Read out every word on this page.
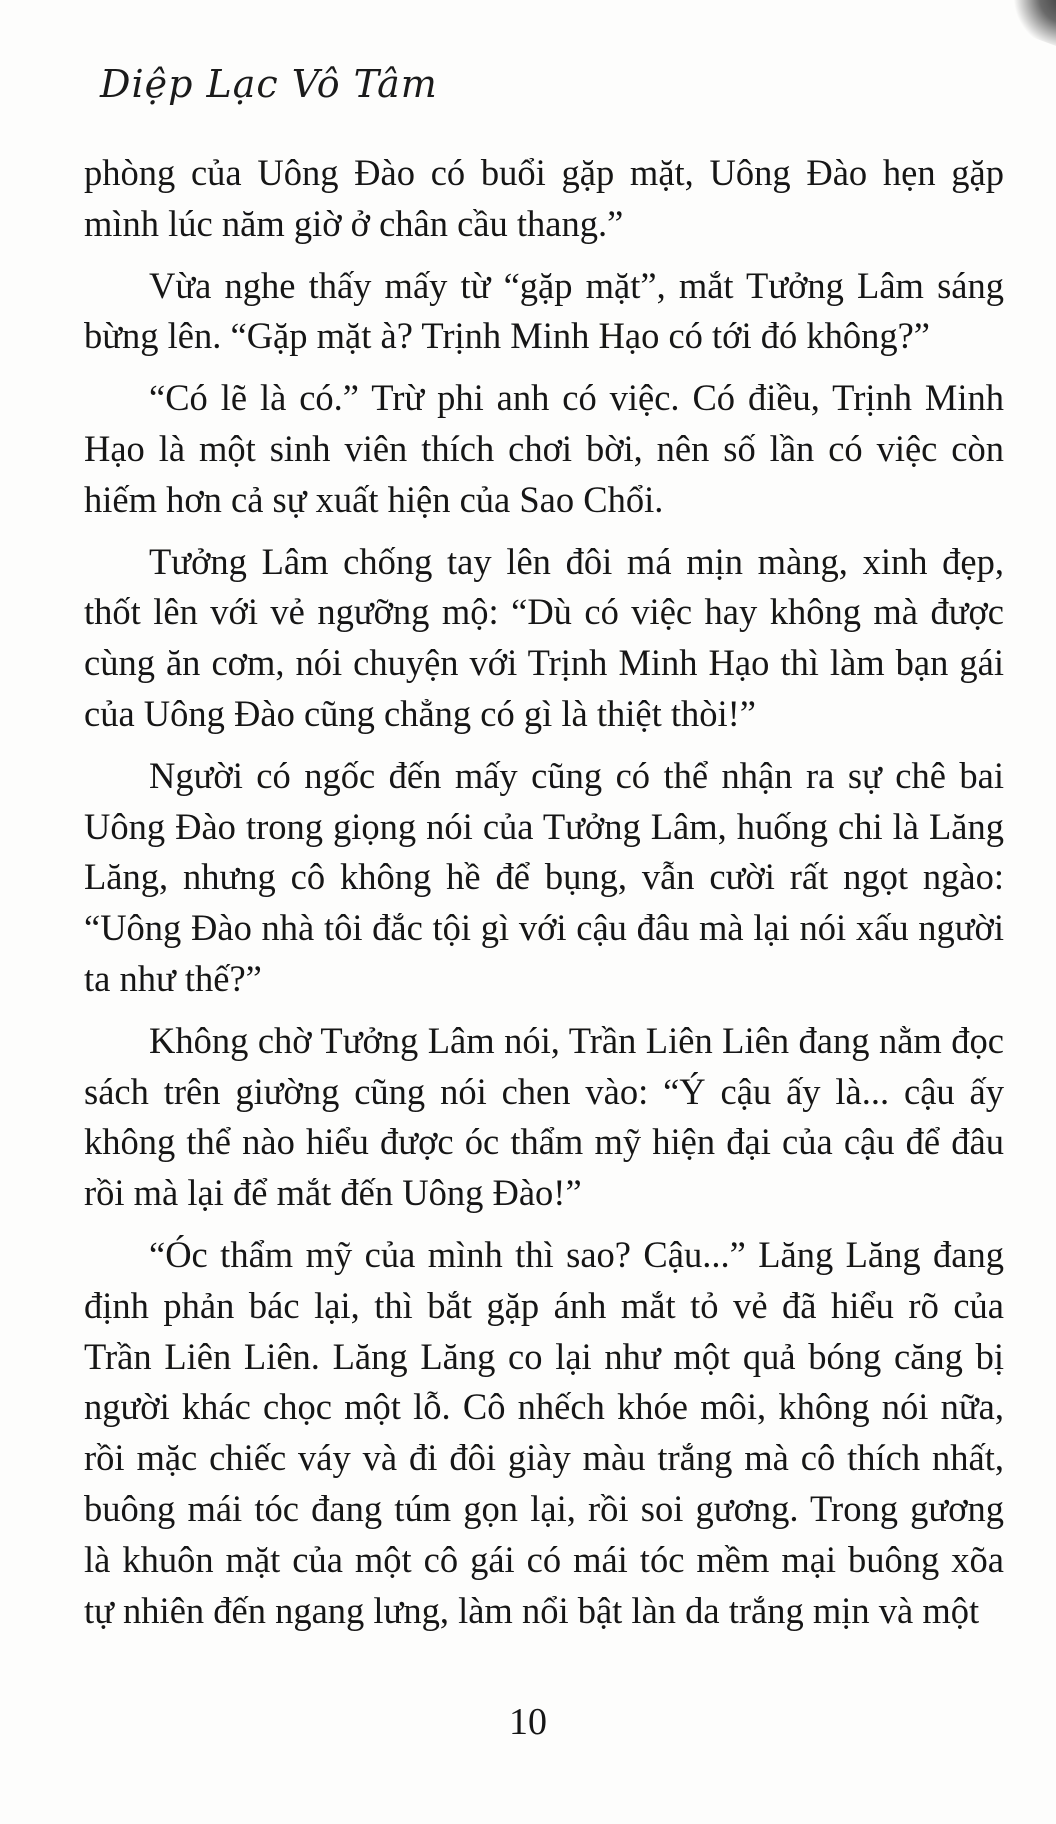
Diệp Lạc Vô Tâm

phòng của Uông Đào có buổi gặp mặt, Uông Đào hẹn gặp mình lúc năm giờ ở chân cầu thang.”

Vừa nghe thấy mấy từ “gặp mặt”, mắt Tưởng Lâm sáng bừng lên. “Gặp mặt à? Trịnh Minh Hạo có tới đó không?”

“Có lẽ là có.” Trừ phi anh có việc. Có điều, Trịnh Minh Hạo là một sinh viên thích chơi bời, nên số lần có việc còn hiếm hơn cả sự xuất hiện của Sao Chổi.

Tưởng Lâm chống tay lên đôi má mịn màng, xinh đẹp, thốt lên với vẻ ngưỡng mộ: “Dù có việc hay không mà được cùng ăn cơm, nói chuyện với Trịnh Minh Hạo thì làm bạn gái của Uông Đào cũng chẳng có gì là thiệt thòi!”

Người có ngốc đến mấy cũng có thể nhận ra sự chê bai Uông Đào trong giọng nói của Tưởng Lâm, huống chi là Lăng Lăng, nhưng cô không hề để bụng, vẫn cười rất ngọt ngào: “Uông Đào nhà tôi đắc tội gì với cậu đâu mà lại nói xấu người ta như thế?”

Không chờ Tưởng Lâm nói, Trần Liên Liên đang nằm đọc sách trên giường cũng nói chen vào: “Ý cậu ấy là... cậu ấy không thể nào hiểu được óc thẩm mỹ hiện đại của cậu để đâu rồi mà lại để mắt đến Uông Đào!”

“Óc thẩm mỹ của mình thì sao? Cậu...” Lăng Lăng đang định phản bác lại, thì bắt gặp ánh mắt tỏ vẻ đã hiểu rõ của Trần Liên Liên. Lăng Lăng co lại như một quả bóng căng bị người khác chọc một lỗ. Cô nhếch khóe môi, không nói nữa, rồi mặc chiếc váy và đi đôi giày màu trắng mà cô thích nhất, buông mái tóc đang túm gọn lại, rồi soi gương. Trong gương là khuôn mặt của một cô gái có mái tóc mềm mại buông xõa tự nhiên đến ngang lưng, làm nổi bật làn da trắng mịn và một

10
